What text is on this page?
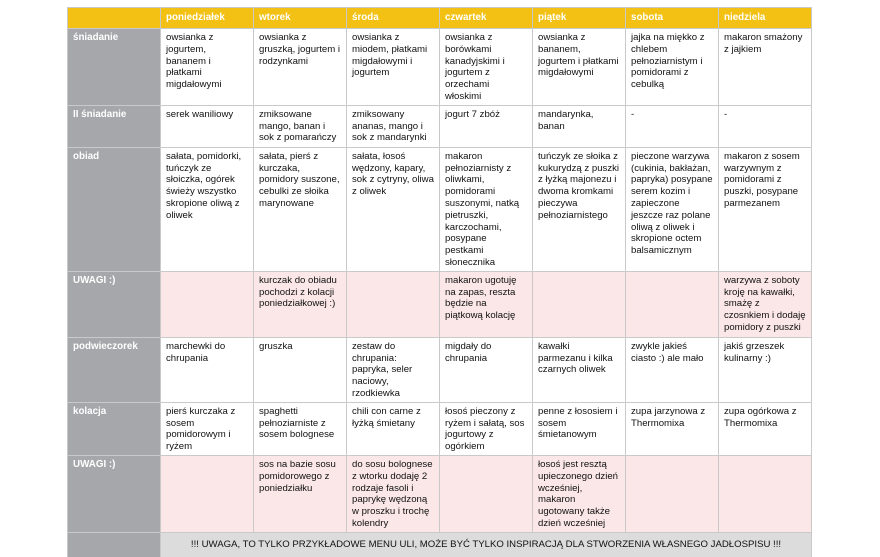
	poniedziałek	wtorek	środa	czwartek	piątek	sobota	niedziela
śniadanie	owsianka z jogurtem, bananem i płatkami migdałowymi	owsianka z gruszką, jogurtem i rodzynkami	owsianka z miodem, płatkami migdałowymi i jogurtem	owsianka z borówkami kanadyjskimi i jogurtem z orzechami włoskimi	owsianka z bananem, jogurtem i płatkami migdałowymi	jajka na miękko z chlebem pełnoziarnistym i pomidorami z cebulką	makaron smażony z jajkiem
II śniadanie	serek waniliowy	zmiksowane mango, banan i sok z pomarańczy	zmiksowany ananas, mango i sok z mandarynki	jogurt 7 zbóż	mandarynka, banan	-	-
obiad	sałata, pomidorki, tuńczyk ze słoiczka, ogórek świeży wszystko skropione oliwą z oliwek	sałata, pierś z kurczaka, pomidory suszone, cebulki ze słoika marynowane	sałata, łosoś wędzony, kapary, sok z cytryny, oliwa z oliwek	makaron pełnoziarnisty z oliwkami, pomidorami suszonymi, natką pietruszki, karczochami, posypane pestkami słonecznika	tuńczyk ze słoika z kukurydzą z puszki z łyżką majonezu i dwoma kromkami pieczywa pełnoziarnistego	pieczone warzywa (cukinia, bakłażan, papryka) posypane serem kozim i zapieczone jeszcze raz polane oliwą z oliwek i skropione octem balsamicznym	makaron z sosem warzywnym z pomidorami z puszki, posypane parmezanem
UWAGI :)		kurczak do obiadu pochodzi z kolacji poniedziałkowej :)		makaron ugotuję na zapas, reszta będzie na piątkową kolację			warzywa z soboty kroję na kawałki, smażę z czosnkiem i dodaję pomidory z puszki
podwieczorek	marchewki do chrupania	gruszka	zestaw do chrupania: papryka, seler naciowy, rzodkiewka	migdały do chrupania	kawałki parmezanu i kilka czarnych oliwek	zwykle jakieś ciasto :) ale mało	jakiś grzeszek kulinarny :)
kolacja	pierś kurczaka z sosem pomidorowym i ryżem	spaghetti pełnoziarniste z sosem bolognese	chili con carne z łyżką śmietany	łosoś pieczony z ryżem i sałatą, sos jogurtowy z ogórkiem	penne z łososiem i sosem śmietanowym	zupa jarzynowa z Thermomixa	zupa ogórkowa z Thermomixa
UWAGI :)		sos na bazie sosu pomidorowego z poniedziałku	do sosu bolognese z wtorku dodaję 2 rodzaje fasoli i paprykę wędzoną w proszku i trochę kolendry		łosoś jest resztą upieczonego dzień wcześniej, makaron ugotowany także dzień wcześniej		
	!!! UWAGA, TO TYLKO PRZYKŁADOWE MENU ULI, MOŻE BYĆ TYLKO INSPIRACJĄ DLA STWORZENIA WŁASNEGO JADŁOSPISU !!!						
